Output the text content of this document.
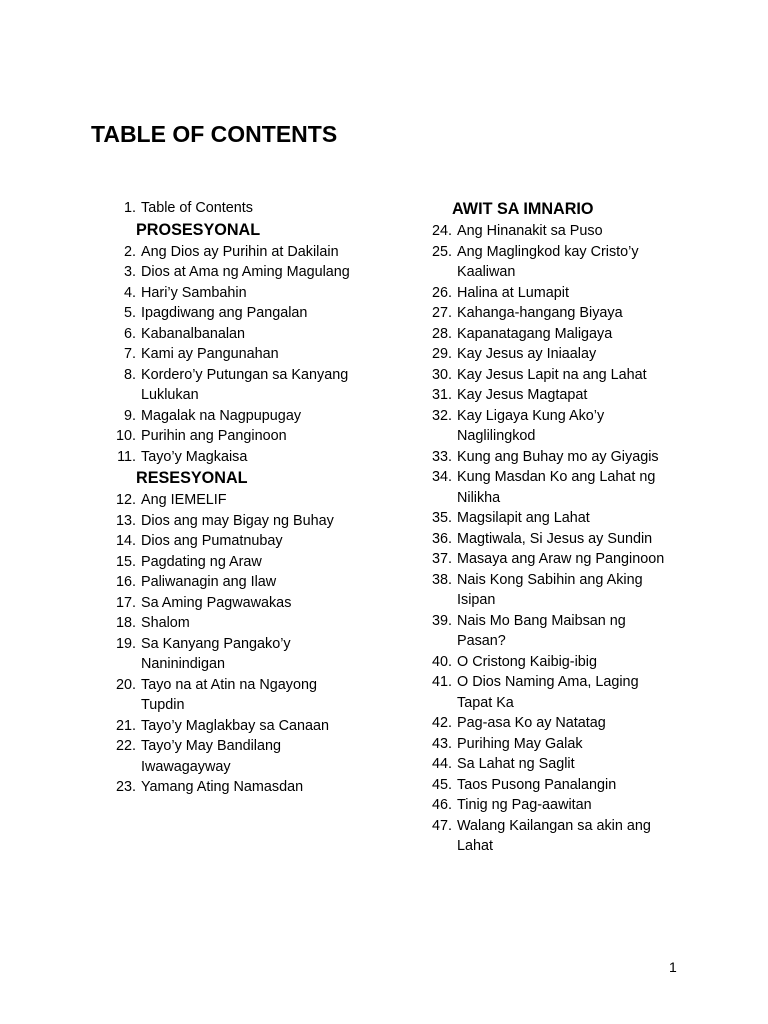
TABLE OF CONTENTS
1. Table of Contents
PROSESYONAL
2. Ang Dios ay Purihin at Dakilain
3. Dios at Ama ng Aming Magulang
4. Hari’y Sambahin
5. Ipagdiwang ang Pangalan
6. Kabanalbanalan
7. Kami ay Pangunahan
8. Kordero’y Putungan sa Kanyang
Luklukan
9. Magalak na Nagpupugay
10. Purihin ang Panginoon
11. Tayo’y Magkaisa
RESESYONAL
12. Ang IEMELIF
13. Dios ang may Bigay ng Buhay
14. Dios ang Pumatnubay
15. Pagdating ng Araw
16. Paliwanagin ang Ilaw
17. Sa Aming Pagwawakas
18. Shalom
19. Sa Kanyang Pangako’y
Naninindigan
20. Tayo na at Atin na Ngayong
Tupdin
21. Tayo’y Maglakbay sa Canaan
22. Tayo’y May Bandilang
Iwawagayway
23. Yamang Ating Namasdan
AWIT SA IMNARIO
24. Ang Hinanakit sa Puso
25. Ang Maglingkod kay Cristo’y
Kaaliwan
26. Halina at Lumapit
27. Kahanga-hangang Biyaya
28. Kapanatagang Maligaya
29. Kay Jesus ay Iniaalay
30. Kay Jesus Lapit na ang Lahat
31. Kay Jesus Magtapat
32. Kay Ligaya Kung Ako’y
Naglilingkod
33. Kung ang Buhay mo ay Giyagis
34. Kung Masdan Ko ang Lahat ng
Nilikha
35. Magsilapit ang Lahat
36. Magtiwala, Si Jesus ay Sundin
37. Masaya ang Araw ng Panginoon
38. Nais Kong Sabihin ang Aking
Isipan
39. Nais Mo Bang Maibsan ng
Pasan?
40. O Cristong Kaibig-ibig
41. O Dios Naming Ama, Laging
Tapat Ka
42. Pag-asa Ko ay Natatag
43. Purihing May Galak
44. Sa Lahat ng Saglit
45. Taos Pusong Panalangin
46. Tinig ng Pag-aawitan
47. Walang Kailangan sa akin ang
Lahat
1
